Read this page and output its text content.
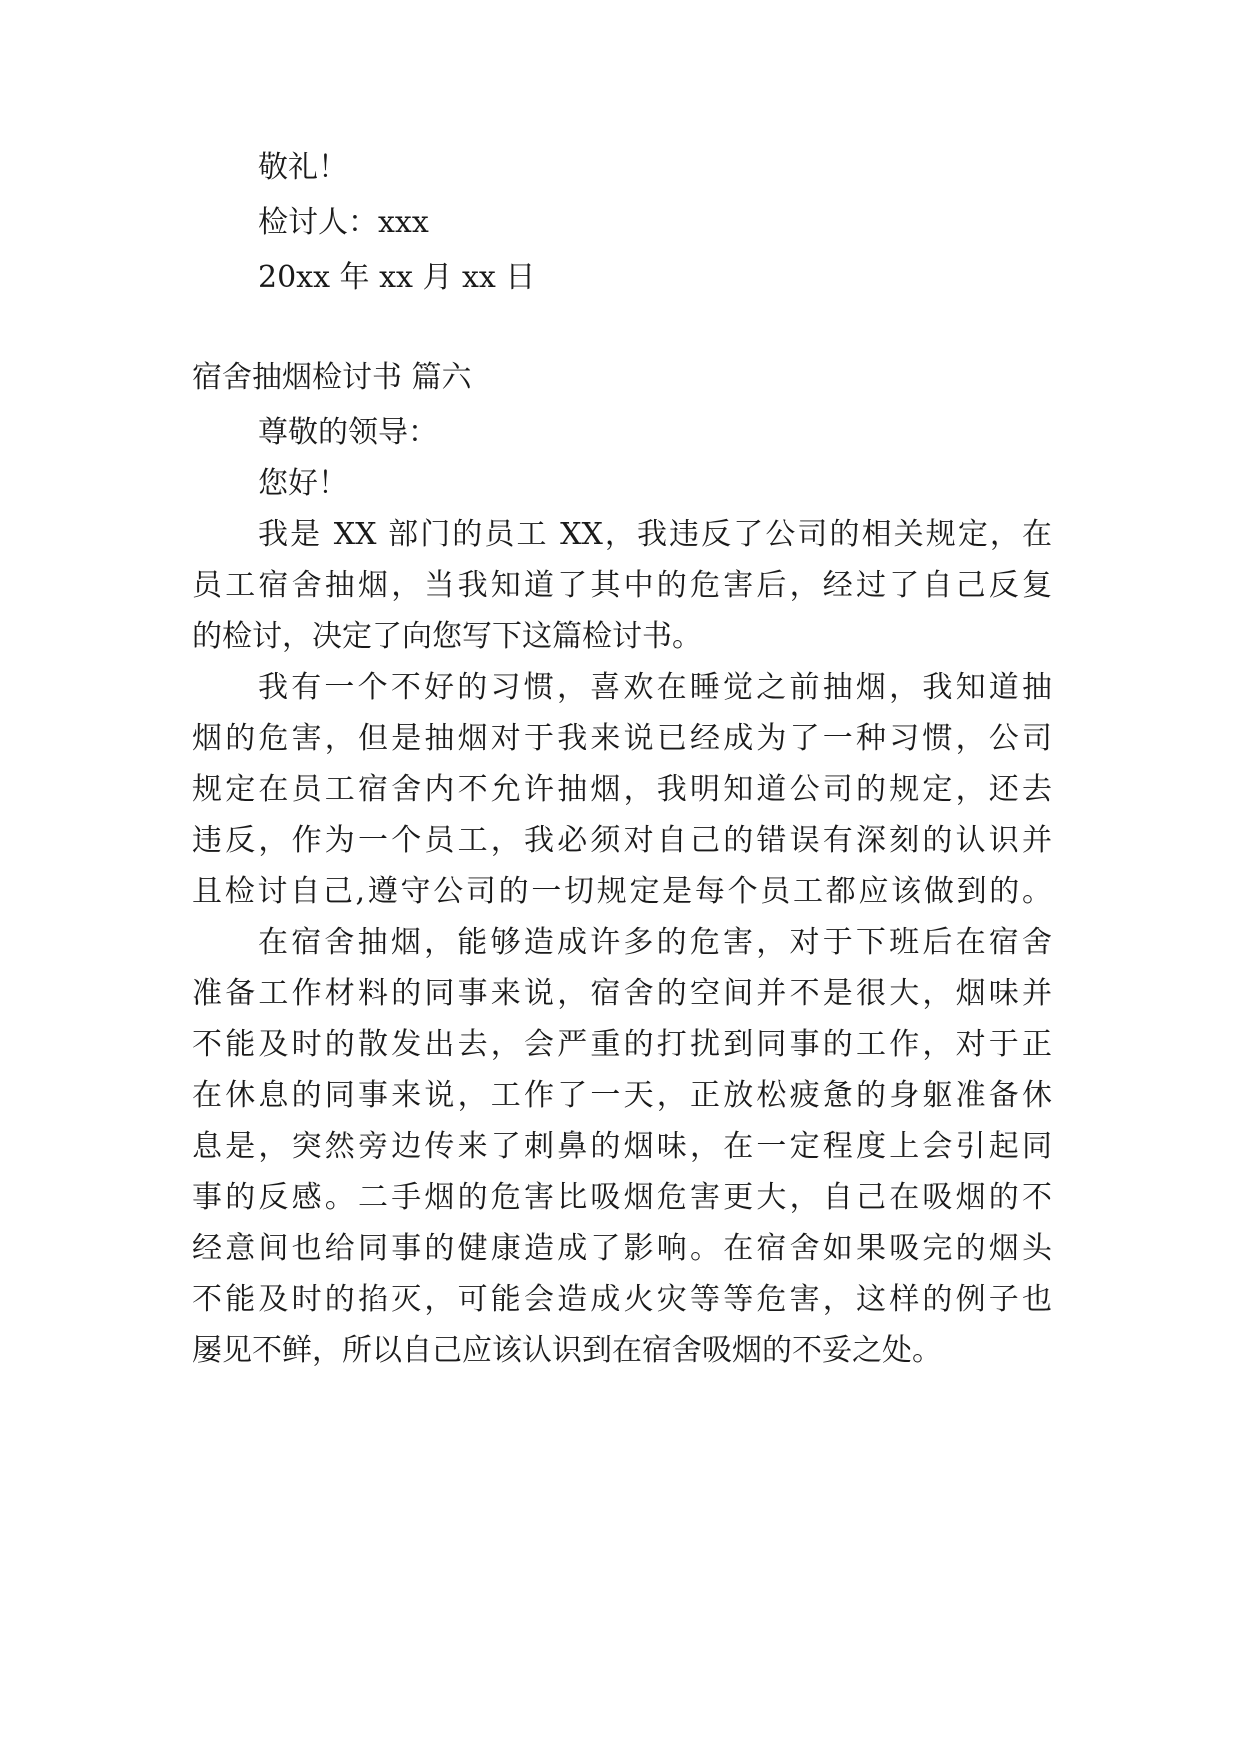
敬礼！
检讨人：xxx
20xx 年 xx 月 xx 日
宿舍抽烟检讨书 篇六
尊敬的领导：
您好！
我是 XX 部门的员工 XX，我违反了公司的相关规定，在
员工宿舍抽烟，当我知道了其中的危害后，经过了自己反复
的检讨，决定了向您写下这篇检讨书。
我有一个不好的习惯，喜欢在睡觉之前抽烟，我知道抽
烟的危害，但是抽烟对于我来说已经成为了一种习惯，公司
规定在员工宿舍内不允许抽烟，我明知道公司的规定，还去
违反，作为一个员工，我必须对自己的错误有深刻的认识并
且检讨自己,遵守公司的一切规定是每个员工都应该做到的。
在宿舍抽烟，能够造成许多的危害，对于下班后在宿舍
准备工作材料的同事来说，宿舍的空间并不是很大，烟味并
不能及时的散发出去，会严重的打扰到同事的工作，对于正
在休息的同事来说，工作了一天，正放松疲惫的身躯准备休
息是，突然旁边传来了刺鼻的烟味，在一定程度上会引起同
事的反感。二手烟的危害比吸烟危害更大，自己在吸烟的不
经意间也给同事的健康造成了影响。在宿舍如果吸完的烟头
不能及时的掐灭，可能会造成火灾等等危害，这样的例子也
屡见不鲜，所以自己应该认识到在宿舍吸烟的不妥之处。
